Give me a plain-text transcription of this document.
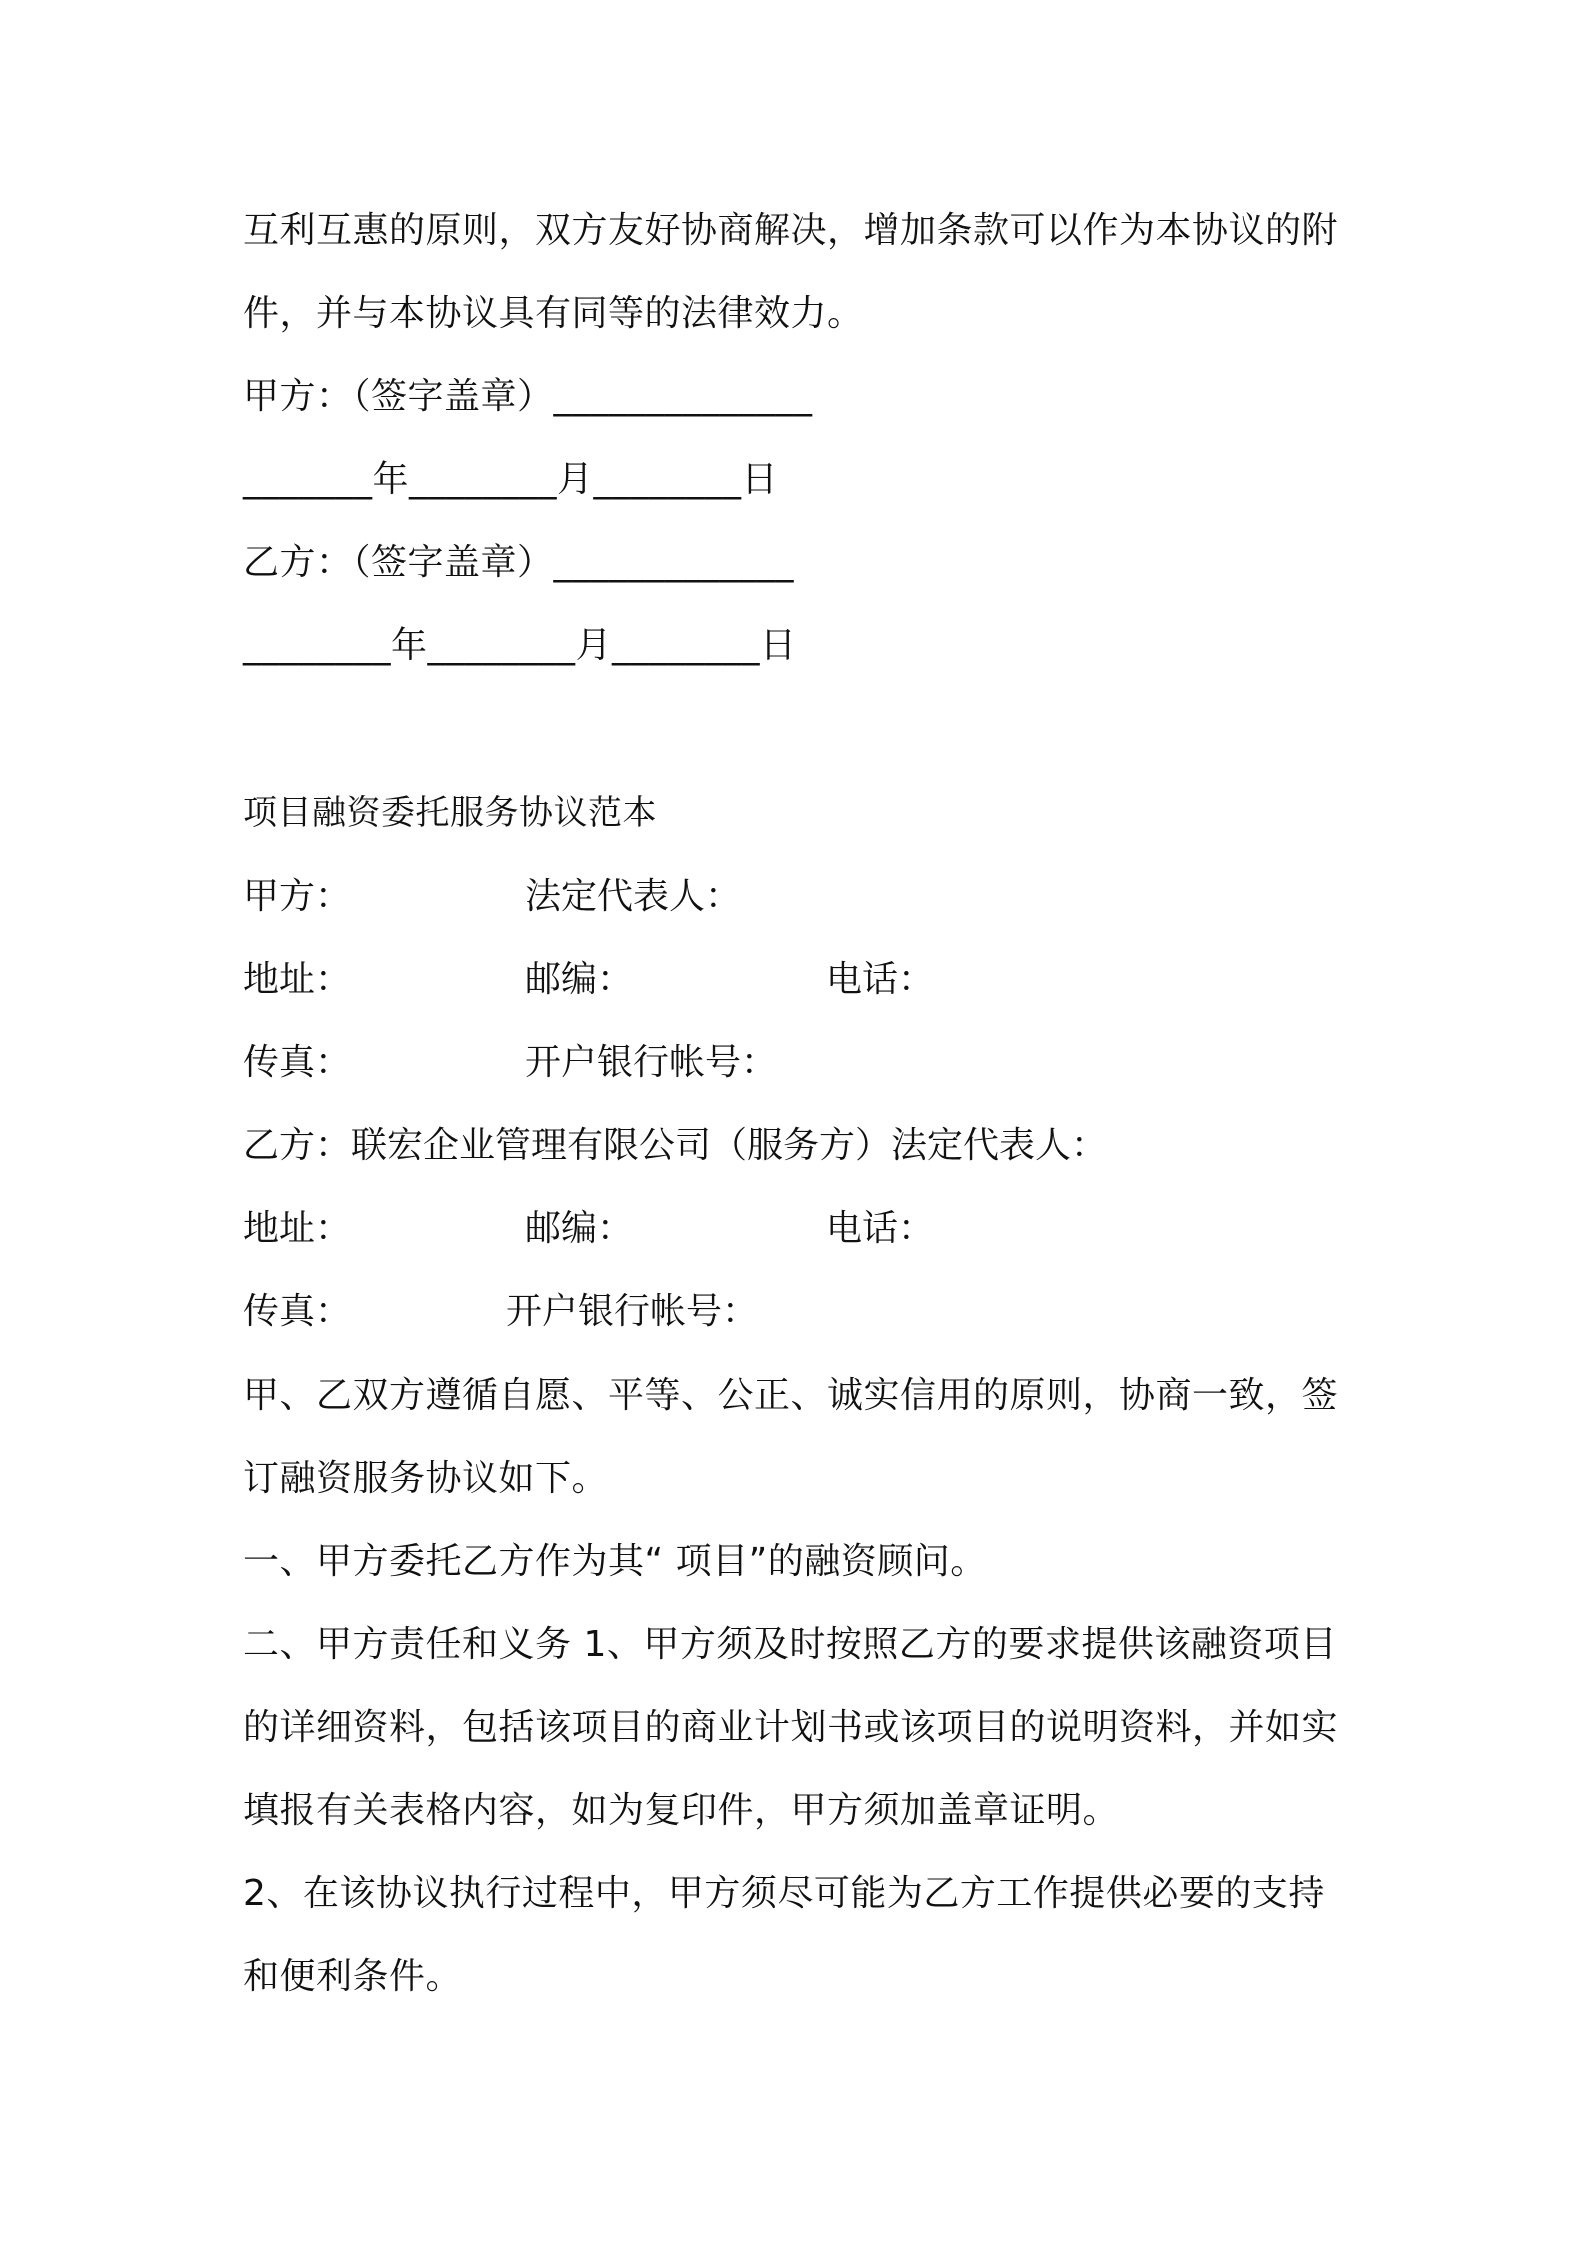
互利互惠的原则，双方友好协商解决，增加条款可以作为本协议的附
件，并与本协议具有同等的法律效力。
甲方：（签字盖章）______________
_______年________月________日
乙方：（签字盖章）_____________
________年________月________日
项目融资委托服务协议范本
甲方：	法定代表人：
地址：	邮编：	电话：
传真：	开户银行帐号：
乙方：联宏企业管理有限公司（服务方）法定代表人：
地址：	邮编：	电话：
传真：	开户银行帐号：
甲、乙双方遵循自愿、平等、公正、诚实信用的原则，协商一致，签
订融资服务协议如下。
一、甲方委托乙方作为其“ 项目”的融资顾问。
二、甲方责任和义务 1、甲方须及时按照乙方的要求提供该融资项目
的详细资料，包括该项目的商业计划书或该项目的说明资料，并如实
填报有关表格内容，如为复印件，甲方须加盖章证明。
2、在该协议执行过程中，甲方须尽可能为乙方工作提供必要的支持
和便利条件。
